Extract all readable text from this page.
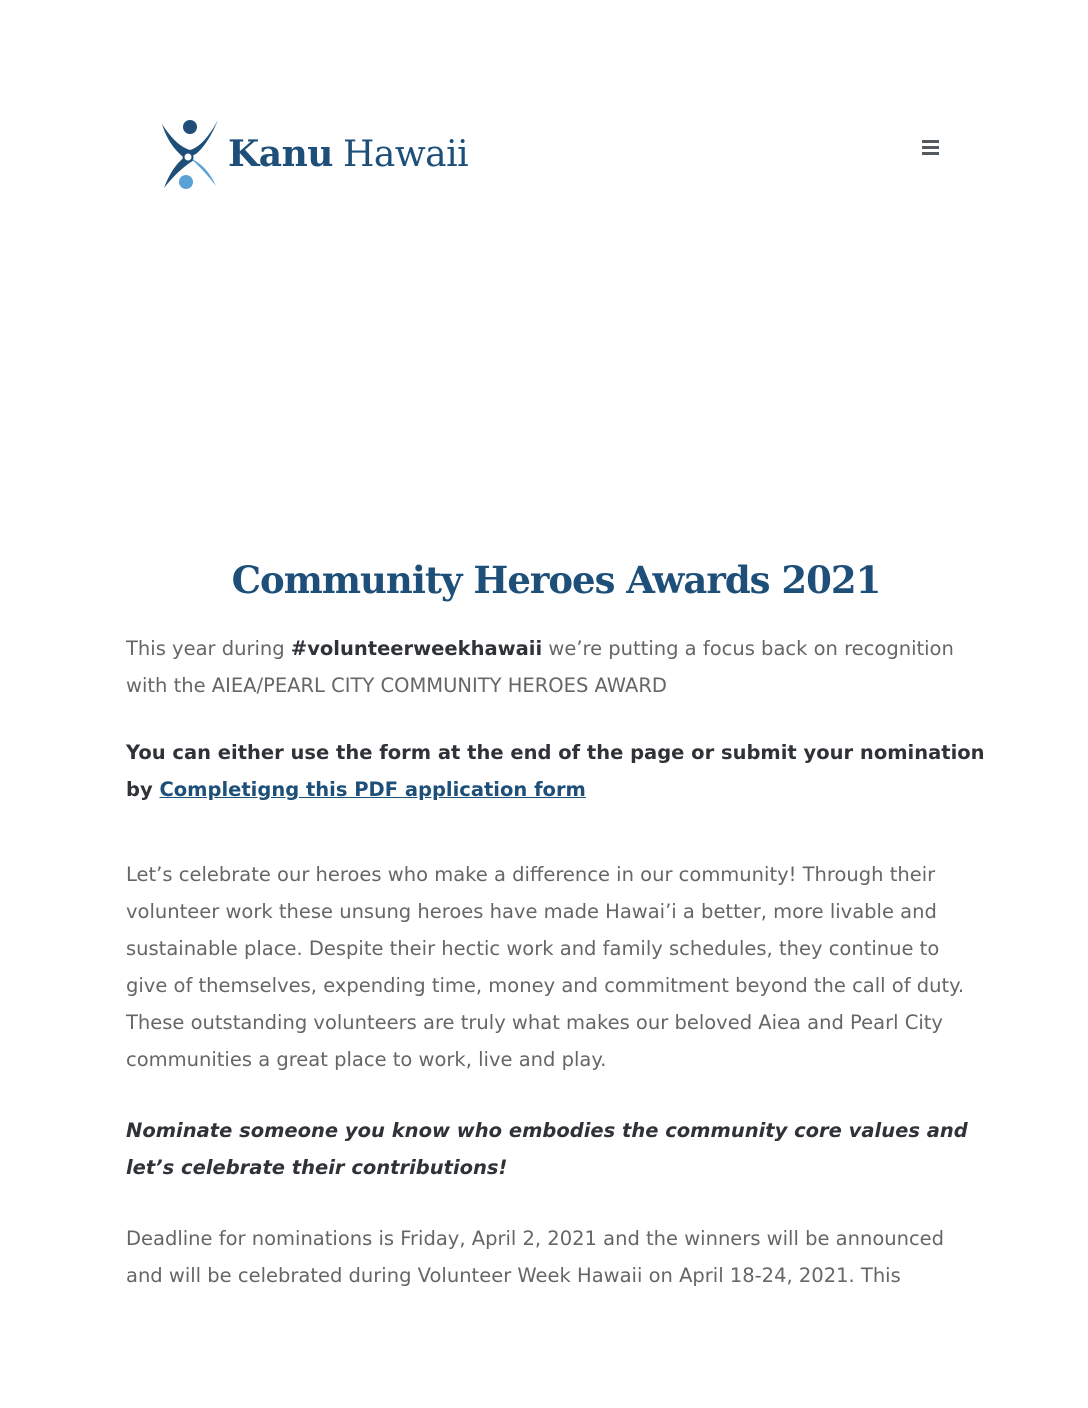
Kanu Hawaii
Community Heroes Awards 2021

This year during #volunteerweekhawaii we’re putting a focus back on recognition with the AIEA/PEARL CITY COMMUNITY HEROES AWARD

You can either use the form at the end of the page or submit your nomination by Completigng this PDF application form

Let’s celebrate our heroes who make a difference in our community! Through their volunteer work these unsung heroes have made Hawai’i a better, more livable and sustainable place. Despite their hectic work and family schedules, they continue to give of themselves, expending time, money and commitment beyond the call of duty. These outstanding volunteers are truly what makes our beloved Aiea and Pearl City communities a great place to work, live and play.

Nominate someone you know who embodies the community core values and let’s celebrate their contributions!

Deadline for nominations is Friday, April 2, 2021 and the winners will be announced and will be celebrated during Volunteer Week Hawaii on April 18-24, 2021. This
